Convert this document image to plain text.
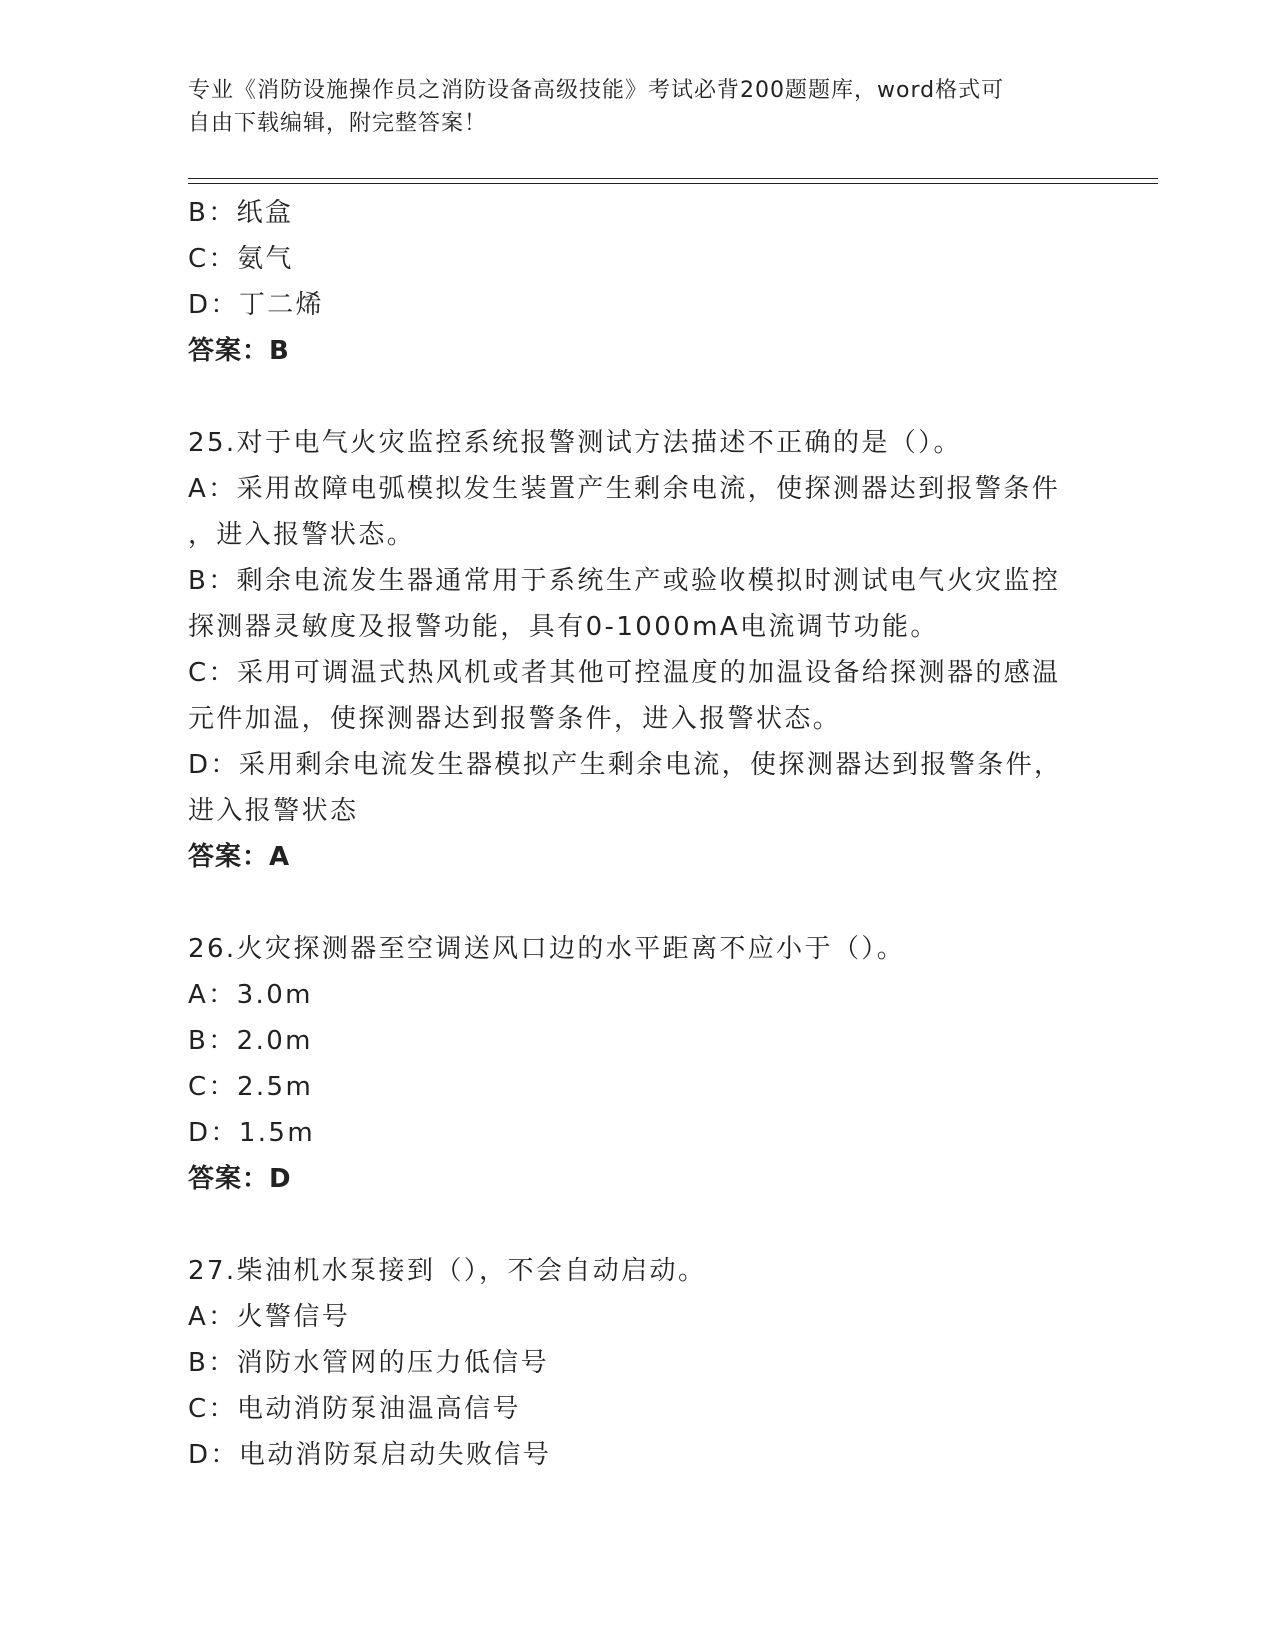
专业《消防设施操作员之消防设备高级技能》考试必背200题题库，word格式可
自由下载编辑，附完整答案！
B：纸盒
C：氨气
D：丁二烯
答案：B
25.对于电气火灾监控系统报警测试方法描述不正确的是（）。
A：采用故障电弧模拟发生装置产生剩余电流，使探测器达到报警条件
，进入报警状态。
B：剩余电流发生器通常用于系统生产或验收模拟时测试电气火灾监控
探测器灵敏度及报警功能，具有0-1000mA电流调节功能。
C：采用可调温式热风机或者其他可控温度的加温设备给探测器的感温
元件加温，使探测器达到报警条件，进入报警状态。
D：采用剩余电流发生器模拟产生剩余电流，使探测器达到报警条件，
进入报警状态
答案：A
26.火灾探测器至空调送风口边的水平距离不应小于（）。
A：3.0m
B：2.0m
C：2.5m
D：1.5m
答案：D
27.柴油机水泵接到（），不会自动启动。
A：火警信号
B：消防水管网的压力低信号
C：电动消防泵油温高信号
D：电动消防泵启动失败信号
